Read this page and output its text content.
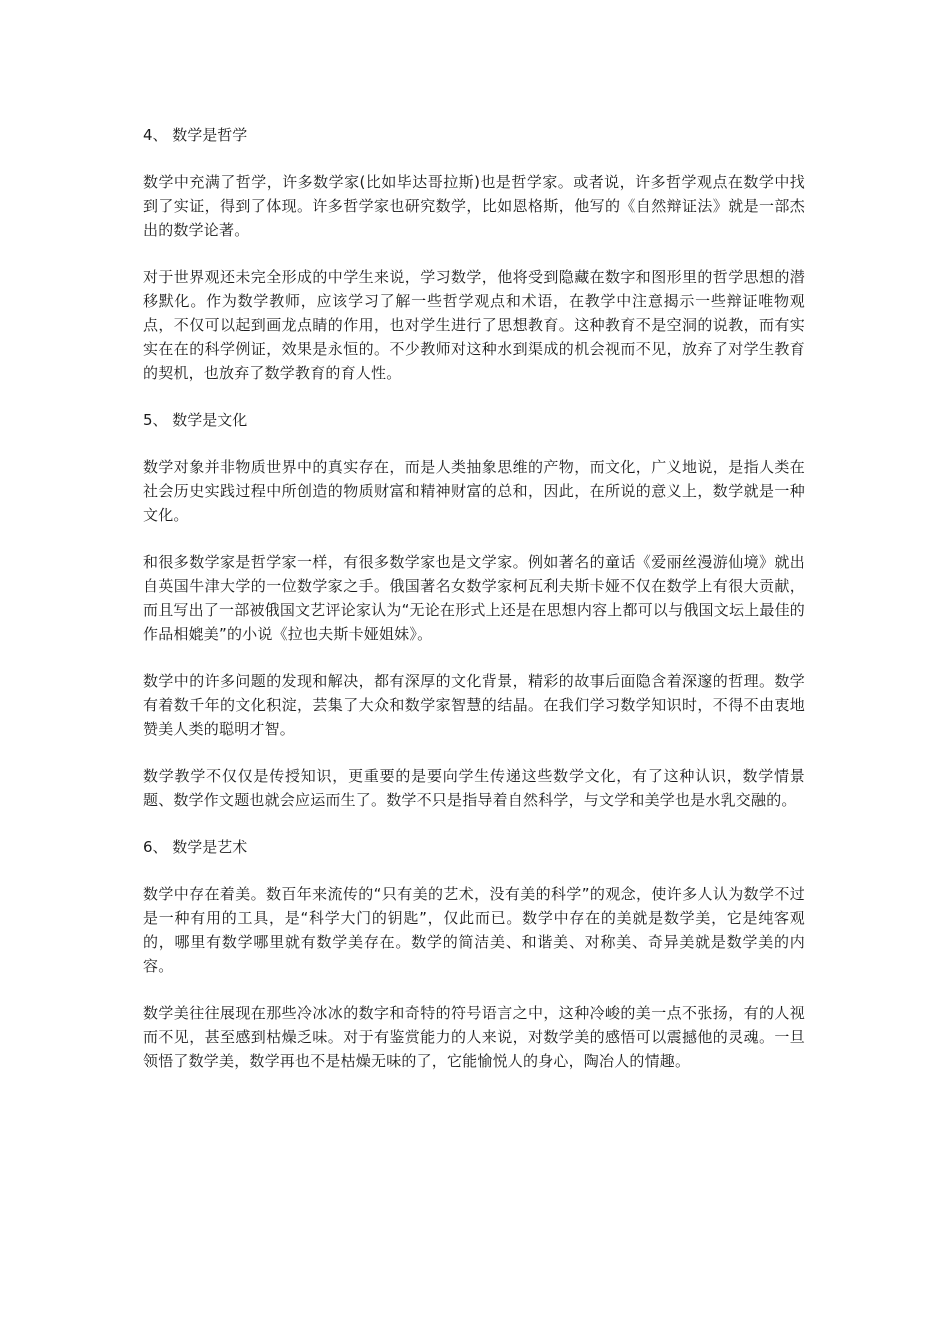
4、 数学是哲学

数学中充满了哲学，许多数学家(比如毕达哥拉斯)也是哲学家。或者说，许多哲学观点在数学中找到了实证，得到了体现。许多哲学家也研究数学，比如恩格斯，他写的《自然辩证法》就是一部杰出的数学论著。

对于世界观还未完全形成的中学生来说，学习数学，他将受到隐藏在数字和图形里的哲学思想的潜移默化。作为数学教师，应该学习了解一些哲学观点和术语，在教学中注意揭示一些辩证唯物观点，不仅可以起到画龙点睛的作用，也对学生进行了思想教育。这种教育不是空洞的说教，而有实实在在的科学例证，效果是永恒的。不少教师对这种水到渠成的机会视而不见，放弃了对学生教育的契机，也放弃了数学教育的育人性。

5、 数学是文化

数学对象并非物质世界中的真实存在，而是人类抽象思维的产物，而文化，广义地说，是指人类在社会历史实践过程中所创造的物质财富和精神财富的总和，因此，在所说的意义上，数学就是一种文化。

和很多数学家是哲学家一样，有很多数学家也是文学家。例如著名的童话《爱丽丝漫游仙境》就出自英国牛津大学的一位数学家之手。俄国著名女数学家柯瓦利夫斯卡娅不仅在数学上有很大贡献，而且写出了一部被俄国文艺评论家认为“无论在形式上还是在思想内容上都可以与俄国文坛上最佳的作品相媲美”的小说《拉也夫斯卡娅姐妹》。

数学中的许多问题的发现和解决，都有深厚的文化背景，精彩的故事后面隐含着深邃的哲理。数学有着数千年的文化积淀，芸集了大众和数学家智慧的结晶。在我们学习数学知识时，不得不由衷地赞美人类的聪明才智。

数学教学不仅仅是传授知识，更重要的是要向学生传递这些数学文化，有了这种认识，数学情景题、数学作文题也就会应运而生了。数学不只是指导着自然科学，与文学和美学也是水乳交融的。

6、 数学是艺术

数学中存在着美。数百年来流传的“只有美的艺术，没有美的科学”的观念，使许多人认为数学不过是一种有用的工具，是“科学大门的钥匙”，仅此而已。数学中存在的美就是数学美，它是纯客观的，哪里有数学哪里就有数学美存在。数学的简洁美、和谐美、对称美、奇异美就是数学美的内容。

数学美往往展现在那些冷冰冰的数字和奇特的符号语言之中，这种冷峻的美一点不张扬，有的人视而不见，甚至感到枯燥乏味。对于有鉴赏能力的人来说，对数学美的感悟可以震撼他的灵魂。一旦领悟了数学美，数学再也不是枯燥无味的了，它能愉悦人的身心，陶冶人的情趣。
